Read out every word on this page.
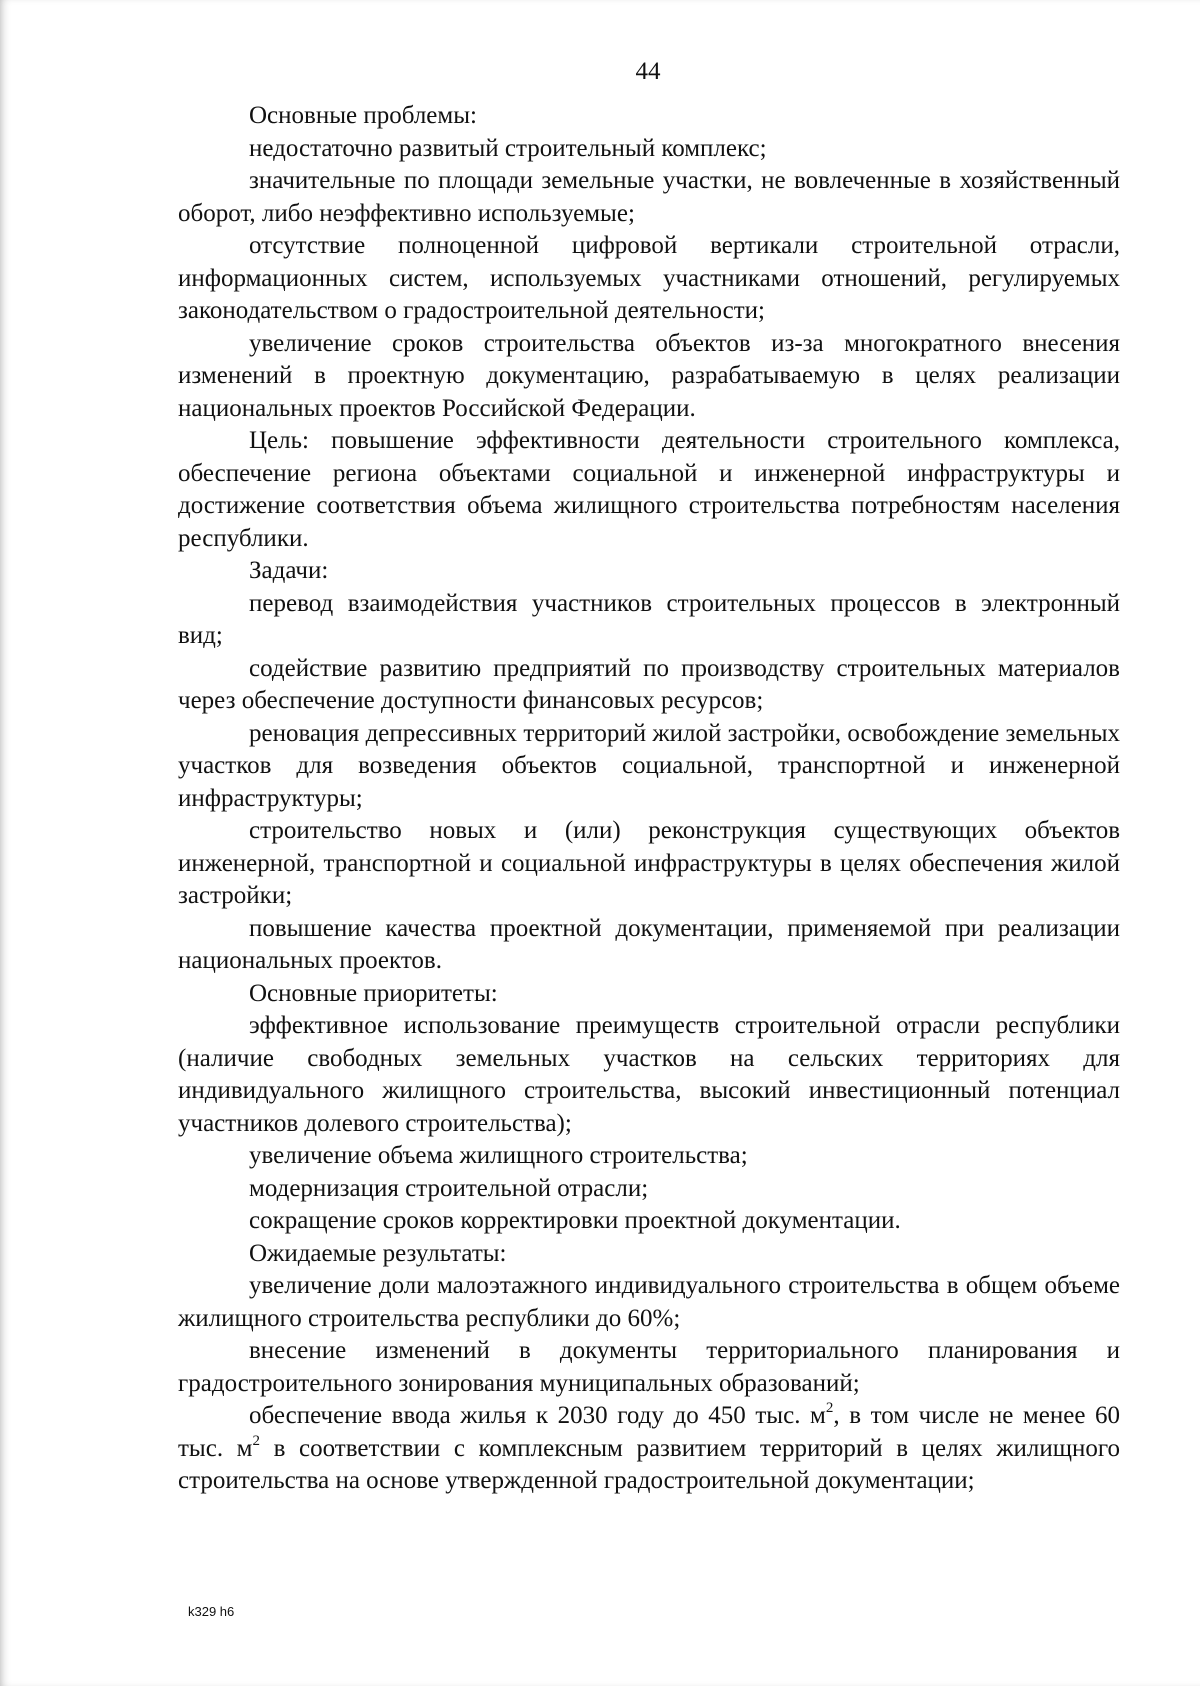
44

Основные проблемы:

недостаточно развитый строительный комплекс;

значительные по площади земельные участки, не вовлеченные в хозяйственный оборот, либо неэффективно используемые;

отсутствие полноценной цифровой вертикали строительной отрасли, информационных систем, используемых участниками отношений, регулируемых законодательством о градостроительной деятельности;

увеличение сроков строительства объектов из-за многократного внесения изменений в проектную документацию, разрабатываемую в целях реализации национальных проектов Российской Федерации.

Цель: повышение эффективности деятельности строительного комплекса, обеспечение региона объектами социальной и инженерной инфраструктуры и достижение соответствия объема жилищного строительства потребностям населения республики.

Задачи:

перевод взаимодействия участников строительных процессов в электронный вид;

содействие развитию предприятий по производству строительных материалов через обеспечение доступности финансовых ресурсов;

реновация депрессивных территорий жилой застройки, освобождение земельных участков для возведения объектов социальной, транспортной и инженерной инфраструктуры;

строительство новых и (или) реконструкция существующих объектов инженерной, транспортной и социальной инфраструктуры в целях обеспечения жилой застройки;

повышение качества проектной документации, применяемой при реализации национальных проектов.

Основные приоритеты:

эффективное использование преимуществ строительной отрасли республики (наличие свободных земельных участков на сельских территориях для индивидуального жилищного строительства, высокий инвестиционный потенциал участников долевого строительства);

увеличение объема жилищного строительства;

модернизация строительной отрасли;

сокращение сроков корректировки проектной документации.

Ожидаемые результаты:

увеличение доли малоэтажного индивидуального строительства в общем объеме жилищного строительства республики до 60%;

внесение изменений в документы территориального планирования и градостроительного зонирования муниципальных образований;

обеспечение ввода жилья к 2030 году до 450 тыс. $м^2$, в том числе не менее 60 тыс. $м^2$ в соответствии с комплексным развитием территорий в целях жилищного строительства на основе утвержденной градостроительной документации;

k329 h6
